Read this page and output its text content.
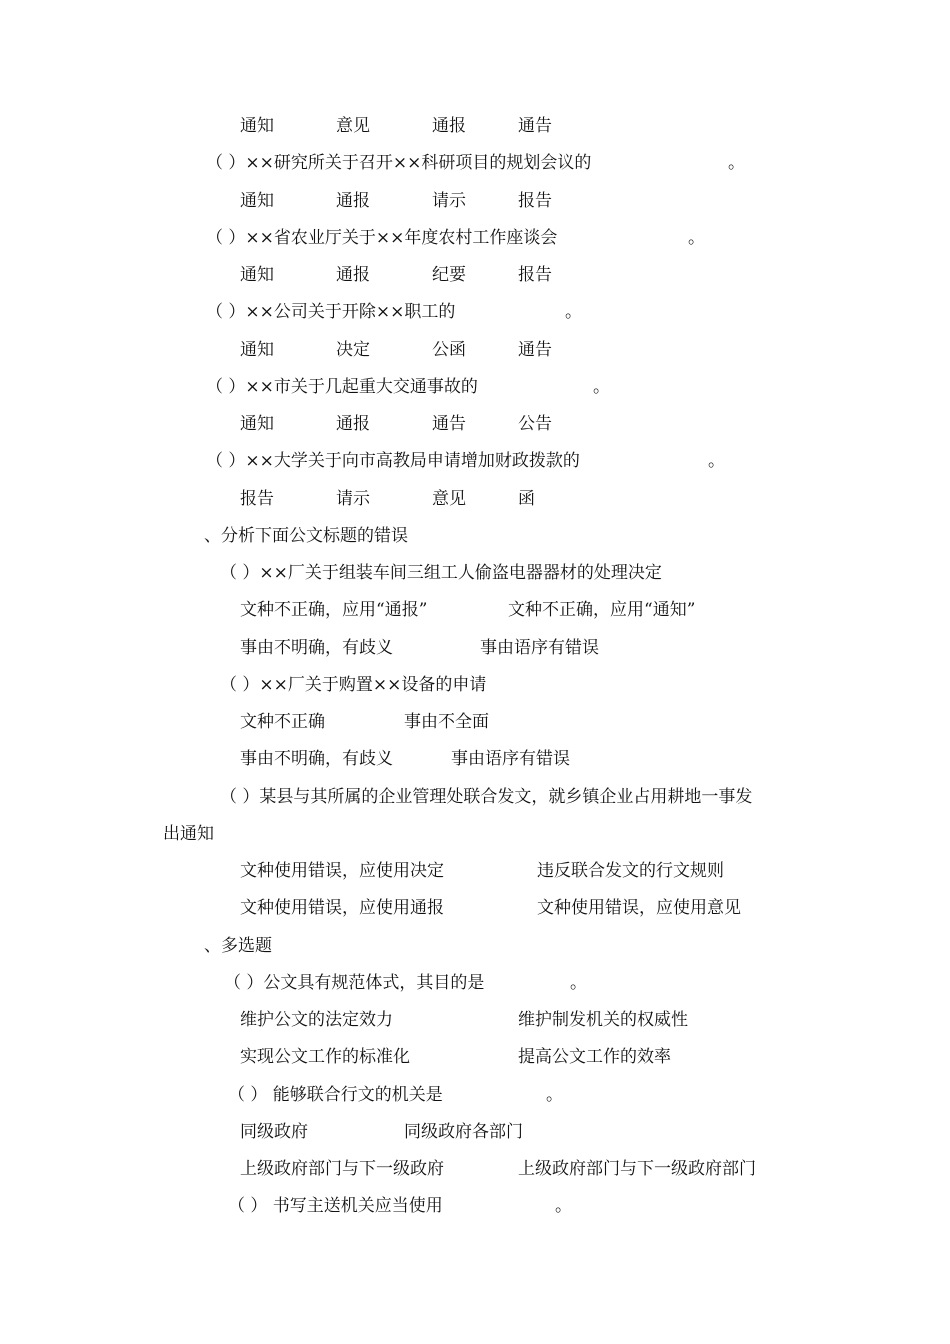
通知	意见	通报	通告
（ ）××研究所关于召开××科研项目的规划会议的	。
通知	通报	请示	报告
（ ）××省农业厅关于××年度农村工作座谈会	。
通知	通报	纪要	报告
（ ）××公司关于开除××职工的	。
通知	决定	公函	通告
（ ）××市关于几起重大交通事故的	。
通知	通报	通告	公告
（ ）××大学关于向市高教局申请增加财政拨款的	。
报告	请示	意见	函
、分析下面公文标题的错误
（ ）××厂关于组装车间三组工人偷盗电器器材的处理决定
文种不正确，应用“通报”	文种不正确，应用“通知”
事由不明确，有歧义	事由语序有错误
（ ）××厂关于购置××设备的申请
文种不正确	事由不全面
事由不明确，有歧义	事由语序有错误
（ ）某县与其所属的企业管理处联合发文，就乡镇企业占用耕地一事发
出通知
文种使用错误，应使用决定	违反联合发文的行文规则
文种使用错误，应使用通报	文种使用错误，应使用意见
、多选题
（ ）公文具有规范体式，其目的是	。
维护公文的法定效力	维护制发机关的权威性
实现公文工作的标准化	提高公文工作的效率
（ ） 能够联合行文的机关是	。
同级政府	同级政府各部门
上级政府部门与下一级政府	上级政府部门与下一级政府部门
（ ） 书写主送机关应当使用	。
